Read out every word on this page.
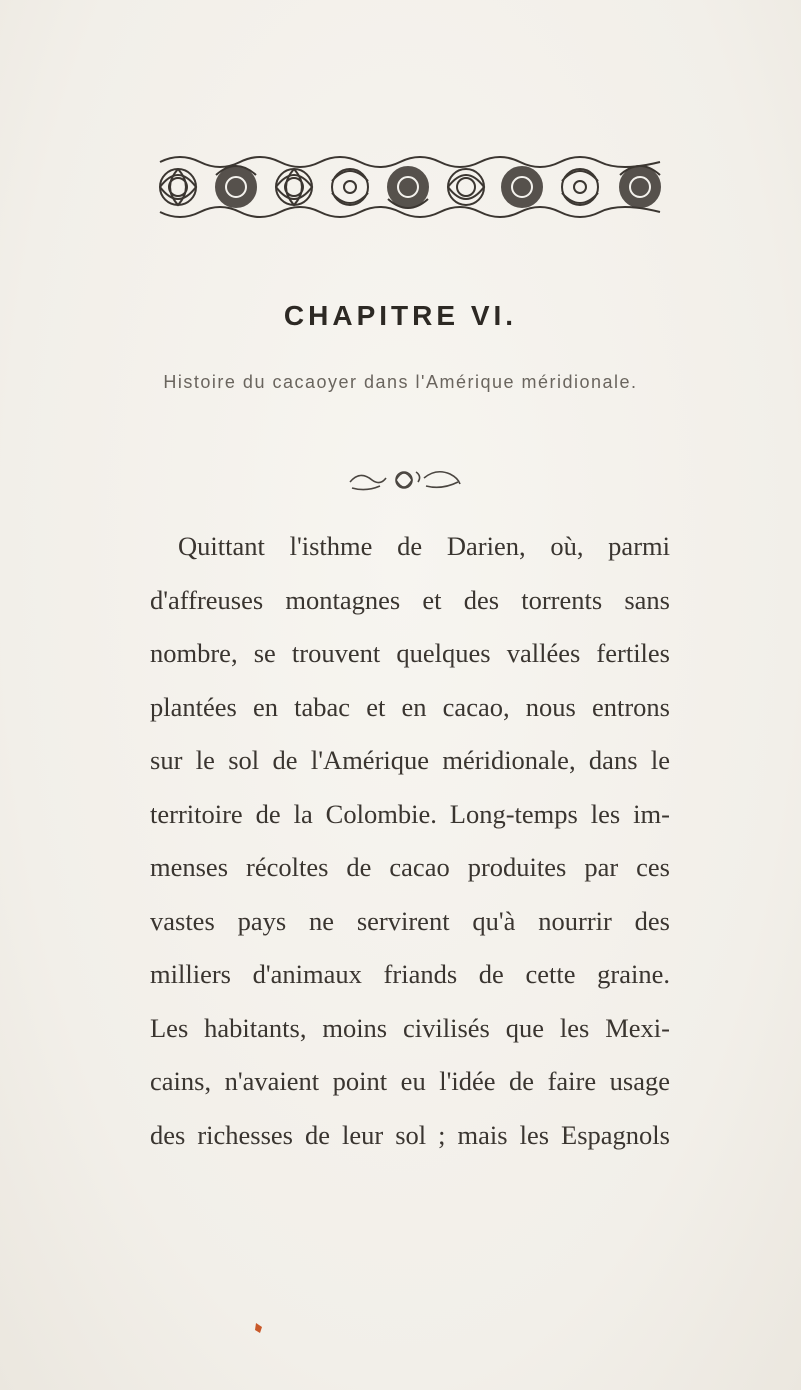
CHAPITRE VI.
Histoire du cacaoyer dans l'Amérique méridionale.
Quittant l'isthme de Darien, où, parmi
d'affreuses montagnes et des torrents sans
nombre, se trouvent quelques vallées fertiles
plantées en tabac et en cacao, nous entrons
sur le sol de l'Amérique méridionale, dans le
territoire de la Colombie. Long-temps les im-
menses récoltes de cacao produites par ces
vastes pays ne servirent qu'à nourrir des
milliers d'animaux friands de cette graine.
Les habitants, moins civilisés que les Mexi-
cains, n'avaient point eu l'idée de faire usage
des richesses de leur sol ; mais les Espagnols
